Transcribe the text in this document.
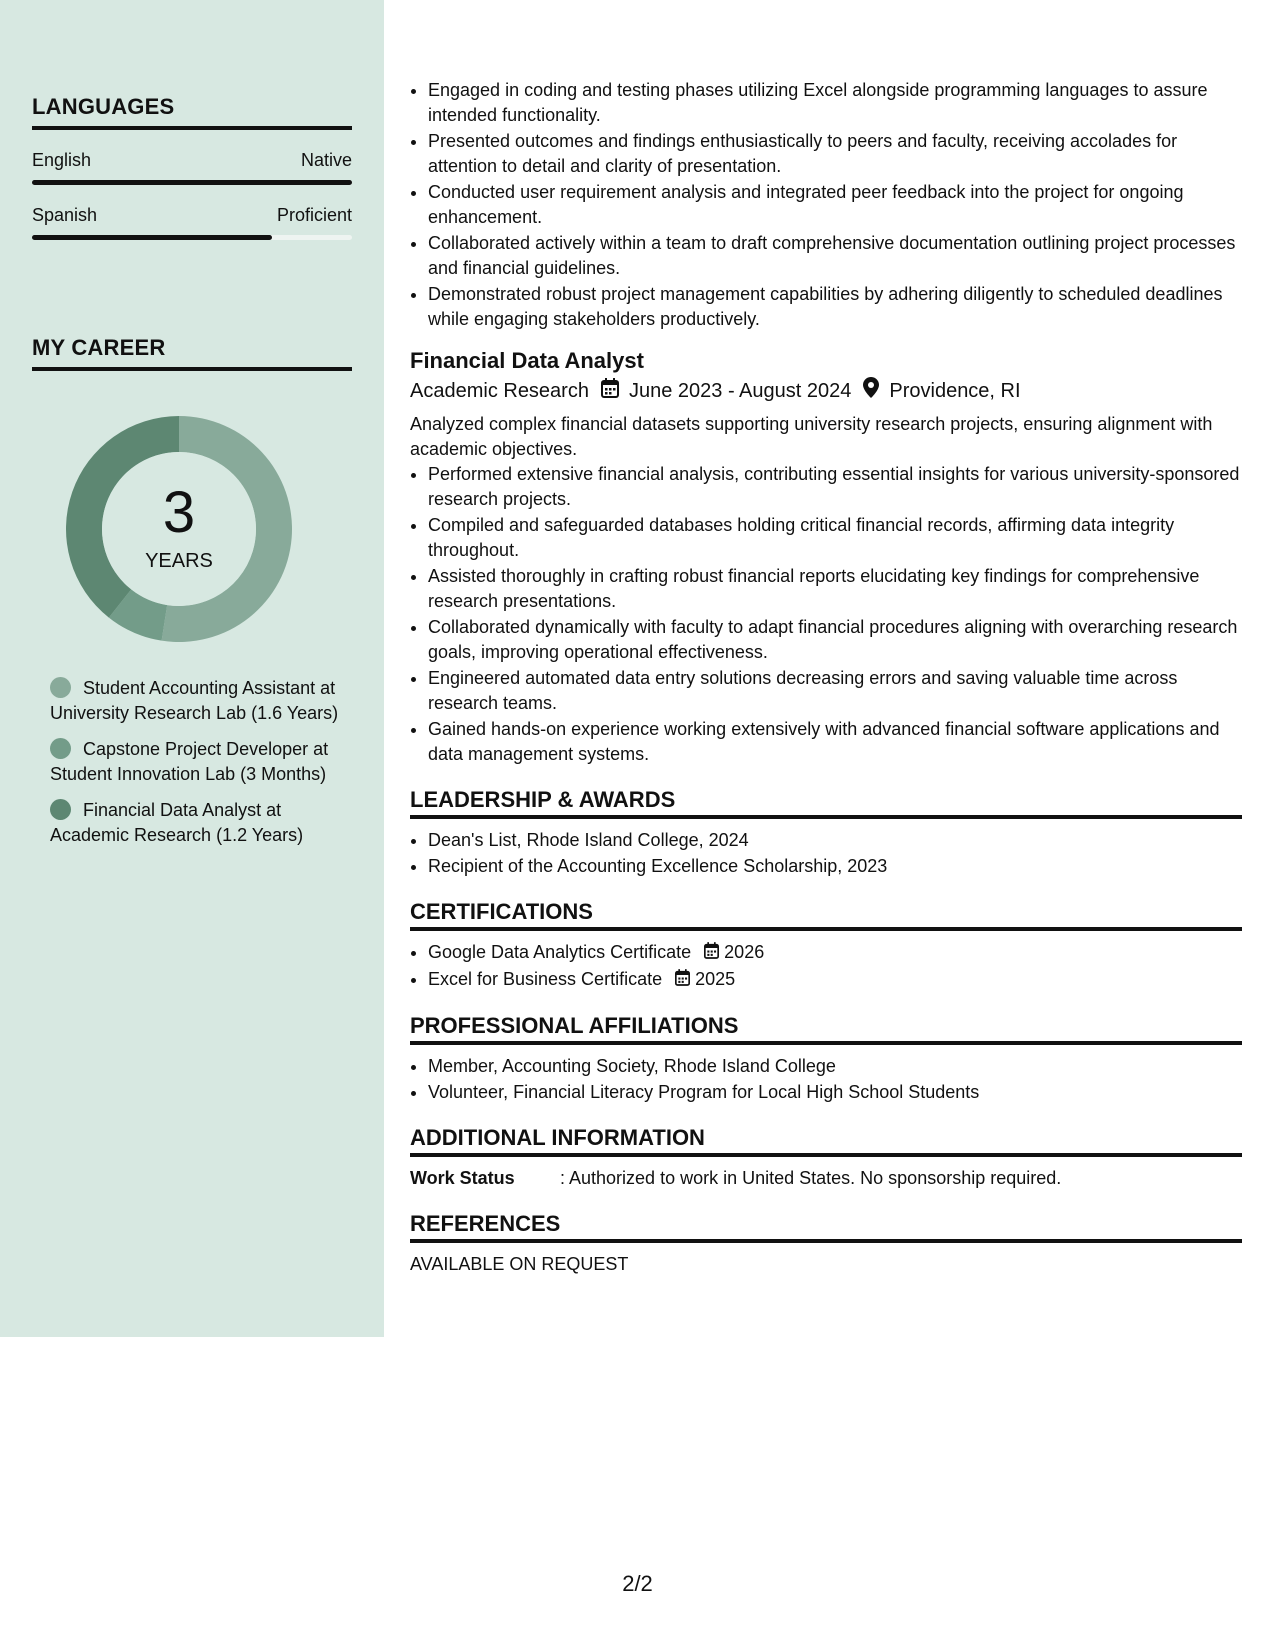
LANGUAGES
English	Native
Spanish	Proficient
MY CAREER
3
YEARS
Student Accounting Assistant at University Research Lab (1.6 Years)
Capstone Project Developer at Student Innovation Lab (3 Months)
Financial Data Analyst at Academic Research (1.2 Years)
• Engaged in coding and testing phases utilizing Excel alongside programming languages to assure intended functionality.
• Presented outcomes and findings enthusiastically to peers and faculty, receiving accolades for attention to detail and clarity of presentation.
• Conducted user requirement analysis and integrated peer feedback into the project for ongoing enhancement.
• Collaborated actively within a team to draft comprehensive documentation outlining project processes and financial guidelines.
• Demonstrated robust project management capabilities by adhering diligently to scheduled deadlines while engaging stakeholders productively.
Financial Data Analyst
Academic Research June 2023 - August 2024 Providence, RI
Analyzed complex financial datasets supporting university research projects, ensuring alignment with academic objectives.
• Performed extensive financial analysis, contributing essential insights for various university-sponsored research projects.
• Compiled and safeguarded databases holding critical financial records, affirming data integrity throughout.
• Assisted thoroughly in crafting robust financial reports elucidating key findings for comprehensive research presentations.
• Collaborated dynamically with faculty to adapt financial procedures aligning with overarching research goals, improving operational effectiveness.
• Engineered automated data entry solutions decreasing errors and saving valuable time across research teams.
• Gained hands-on experience working extensively with advanced financial software applications and data management systems.
LEADERSHIP & AWARDS
• Dean's List, Rhode Island College, 2024
• Recipient of the Accounting Excellence Scholarship, 2023
CERTIFICATIONS
• Google Data Analytics Certificate 2026
• Excel for Business Certificate 2025
PROFESSIONAL AFFILIATIONS
• Member, Accounting Society, Rhode Island College
• Volunteer, Financial Literacy Program for Local High School Students
ADDITIONAL INFORMATION
Work Status	: Authorized to work in United States. No sponsorship required.
REFERENCES
AVAILABLE ON REQUEST
2/2
